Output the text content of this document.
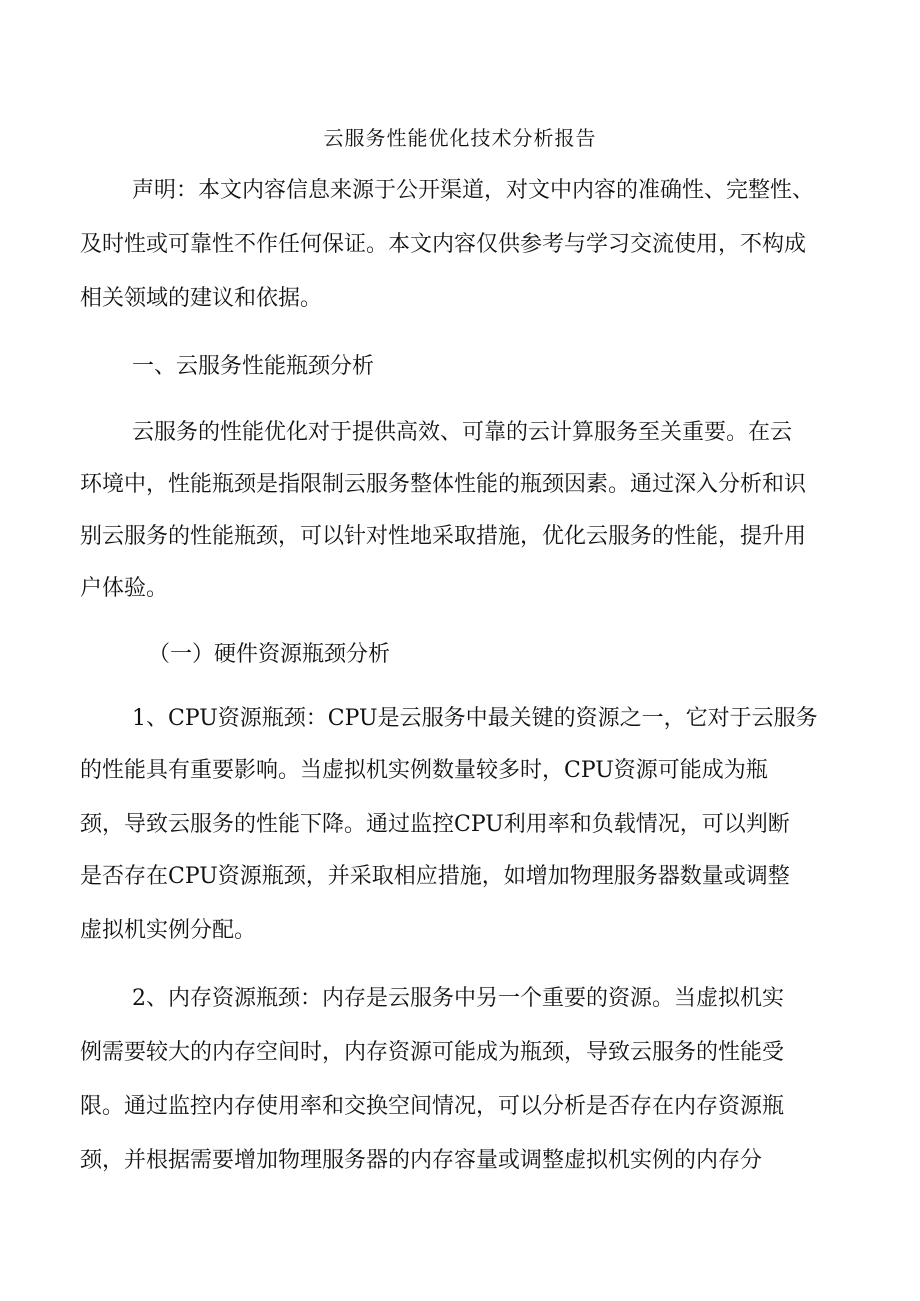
云服务性能优化技术分析报告
声明：本文内容信息来源于公开渠道，对文中内容的准确性、完整性、
及时性或可靠性不作任何保证。本文内容仅供参考与学习交流使用，不构成
相关领域的建议和依据。
一、云服务性能瓶颈分析
云服务的性能优化对于提供高效、可靠的云计算服务至关重要。在云
环境中，性能瓶颈是指限制云服务整体性能的瓶颈因素。通过深入分析和识
别云服务的性能瓶颈，可以针对性地采取措施，优化云服务的性能，提升用
户体验。
（一）硬件资源瓶颈分析
1、CPU资源瓶颈：CPU是云服务中最关键的资源之一，它对于云服务
的性能具有重要影响。当虚拟机实例数量较多时，CPU资源可能成为瓶
颈，导致云服务的性能下降。通过监控CPU利用率和负载情况，可以判断
是否存在CPU资源瓶颈，并采取相应措施，如增加物理服务器数量或调整
虚拟机实例分配。
2、内存资源瓶颈：内存是云服务中另一个重要的资源。当虚拟机实
例需要较大的内存空间时，内存资源可能成为瓶颈，导致云服务的性能受
限。通过监控内存使用率和交换空间情况，可以分析是否存在内存资源瓶
颈，并根据需要增加物理服务器的内存容量或调整虚拟机实例的内存分
